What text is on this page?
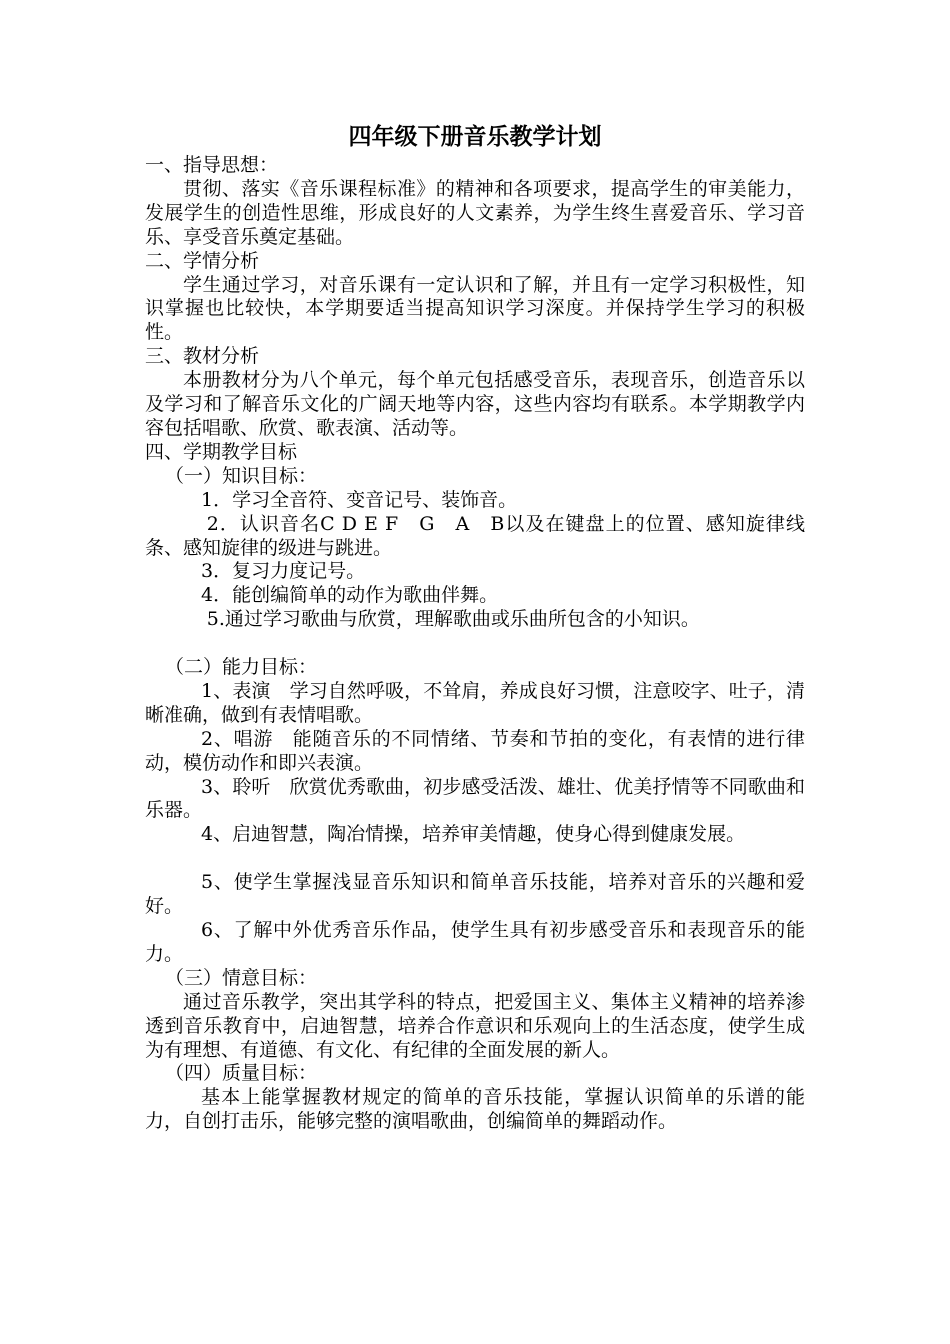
四年级下册音乐教学计划

一、指导思想：

贯彻、落实《音乐课程标准》的精神和各项要求，提高学生的审美能力，发展学生的创造性思维，形成良好的人文素养，为学生终生喜爱音乐、学习音乐、享受音乐奠定基础。

二、学情分析

学生通过学习，对音乐课有一定认识和了解，并且有一定学习积极性，知识掌握也比较快，本学期要适当提高知识学习深度。并保持学生学习的积极性。

三、教材分析

本册教材分为八个单元，每个单元包括感受音乐，表现音乐，创造音乐以及学习和了解音乐文化的广阔天地等内容，这些内容均有联系。本学期教学内容包括唱歌、欣赏、歌表演、活动等。

四、学期教学目标

（一）知识目标：

1．学习全音符、变音记号、装饰音。

2．认识音名C D E F　G　A　B以及在键盘上的位置、感知旋律线条、感知旋律的级进与跳进。

3．复习力度记号。

4．能创编简单的动作为歌曲伴舞。

5.通过学习歌曲与欣赏，理解歌曲或乐曲所包含的小知识。

（二）能力目标：

1、表演　学习自然呼吸，不耸肩，养成良好习惯，注意咬字、吐子，清晰准确，做到有表情唱歌。

2、唱游　能随音乐的不同情绪、节奏和节拍的变化，有表情的进行律动，模仿动作和即兴表演。

3、聆听　欣赏优秀歌曲，初步感受活泼、雄壮、优美抒情等不同歌曲和乐器。

4、启迪智慧，陶冶情操，培养审美情趣，使身心得到健康发展。

5、使学生掌握浅显音乐知识和简单音乐技能，培养对音乐的兴趣和爱好。

6、了解中外优秀音乐作品，使学生具有初步感受音乐和表现音乐的能力。

（三）情意目标：

通过音乐教学，突出其学科的特点，把爱国主义、集体主义精神的培养渗透到音乐教育中，启迪智慧，培养合作意识和乐观向上的生活态度，使学生成为有理想、有道德、有文化、有纪律的全面发展的新人。

（四）质量目标：

基本上能掌握教材规定的简单的音乐技能，掌握认识简单的乐谱的能力，自创打击乐，能够完整的演唱歌曲，创编简单的舞蹈动作。
